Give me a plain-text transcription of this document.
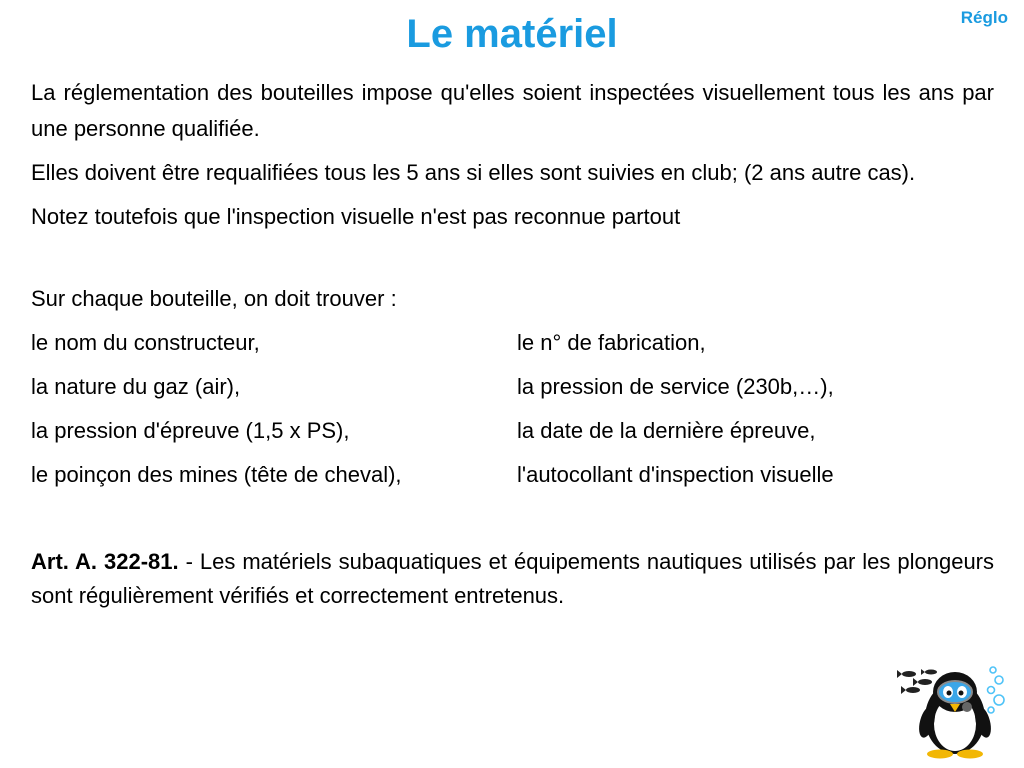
Le matériel	Réglo

La réglementation des bouteilles impose qu'elles soient inspectées visuellement tous les ans par une personne qualifiée.

Elles doivent être requalifiées tous les 5 ans si elles sont suivies en club; (2 ans autre cas).

Notez toutefois que l'inspection visuelle n'est pas reconnue partout

Sur chaque bouteille, on doit trouver :
le nom du constructeur,	le n° de fabrication,
la nature du gaz (air),	la pression de service (230b,…),
la pression d'épreuve (1,5 x PS),	la date de la dernière épreuve,
le poinçon des mines (tête de cheval),	l'autocollant d'inspection visuelle

Art. A. 322-81. - Les matériels subaquatiques et équipements nautiques utilisés par les plongeurs sont régulièrement vérifiés et correctement entretenus.
